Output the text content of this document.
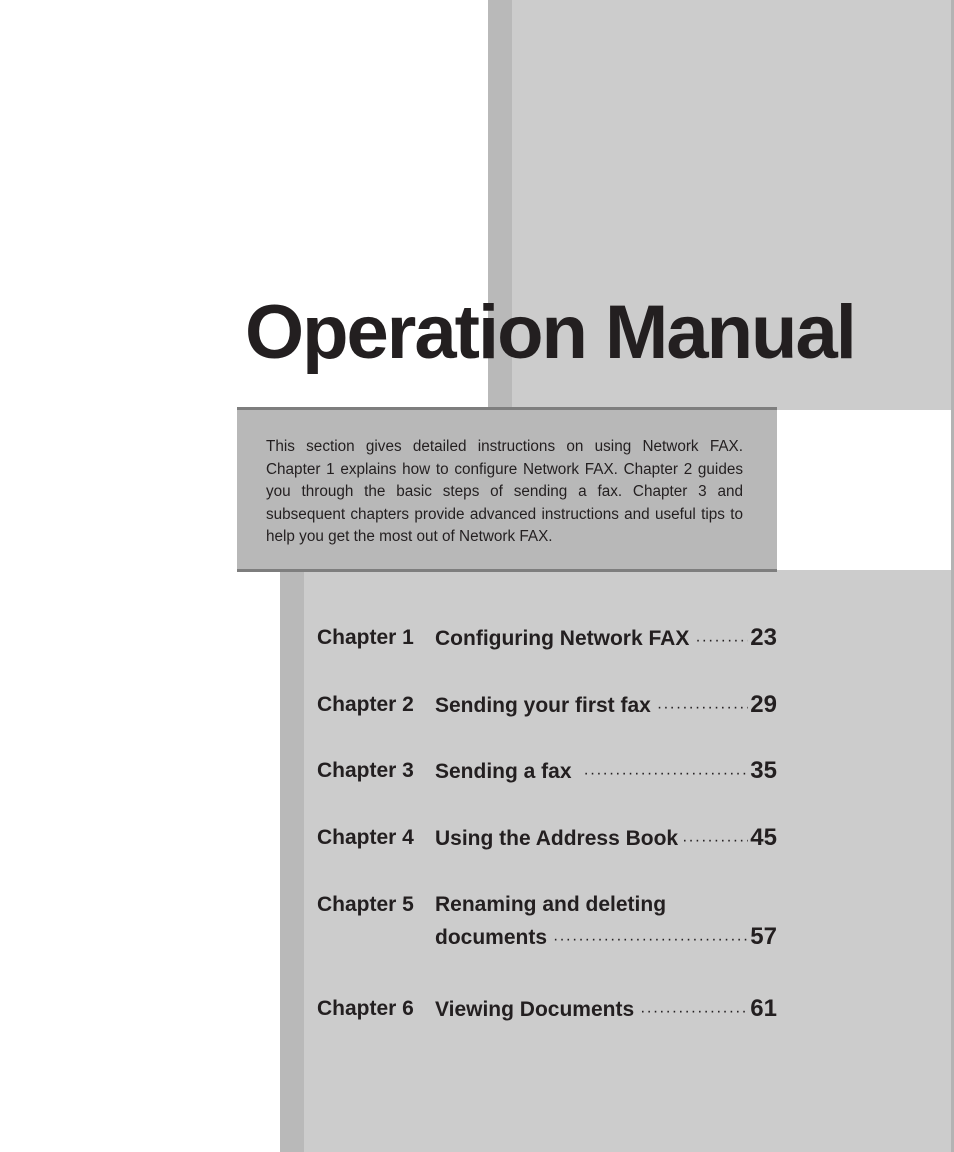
Operation Manual

This section gives detailed instructions on using Network FAX. Chapter 1 explains how to configure Network FAX. Chapter 2 guides you through the basic steps of sending a fax. Chapter 3 and subsequent chapters provide advanced instructions and useful tips to help you get the most out of Network FAX.

Chapter 1 Configuring Network FAX ·····	23
Chapter 2 Sending your first fax ·····	29
Chapter 3 Sending a fax ·····	35
Chapter 4 Using the Address Book ·····	45
Chapter 5 Renaming and deleting
documents ·····	57
Chapter 6 Viewing Documents ·····	61
